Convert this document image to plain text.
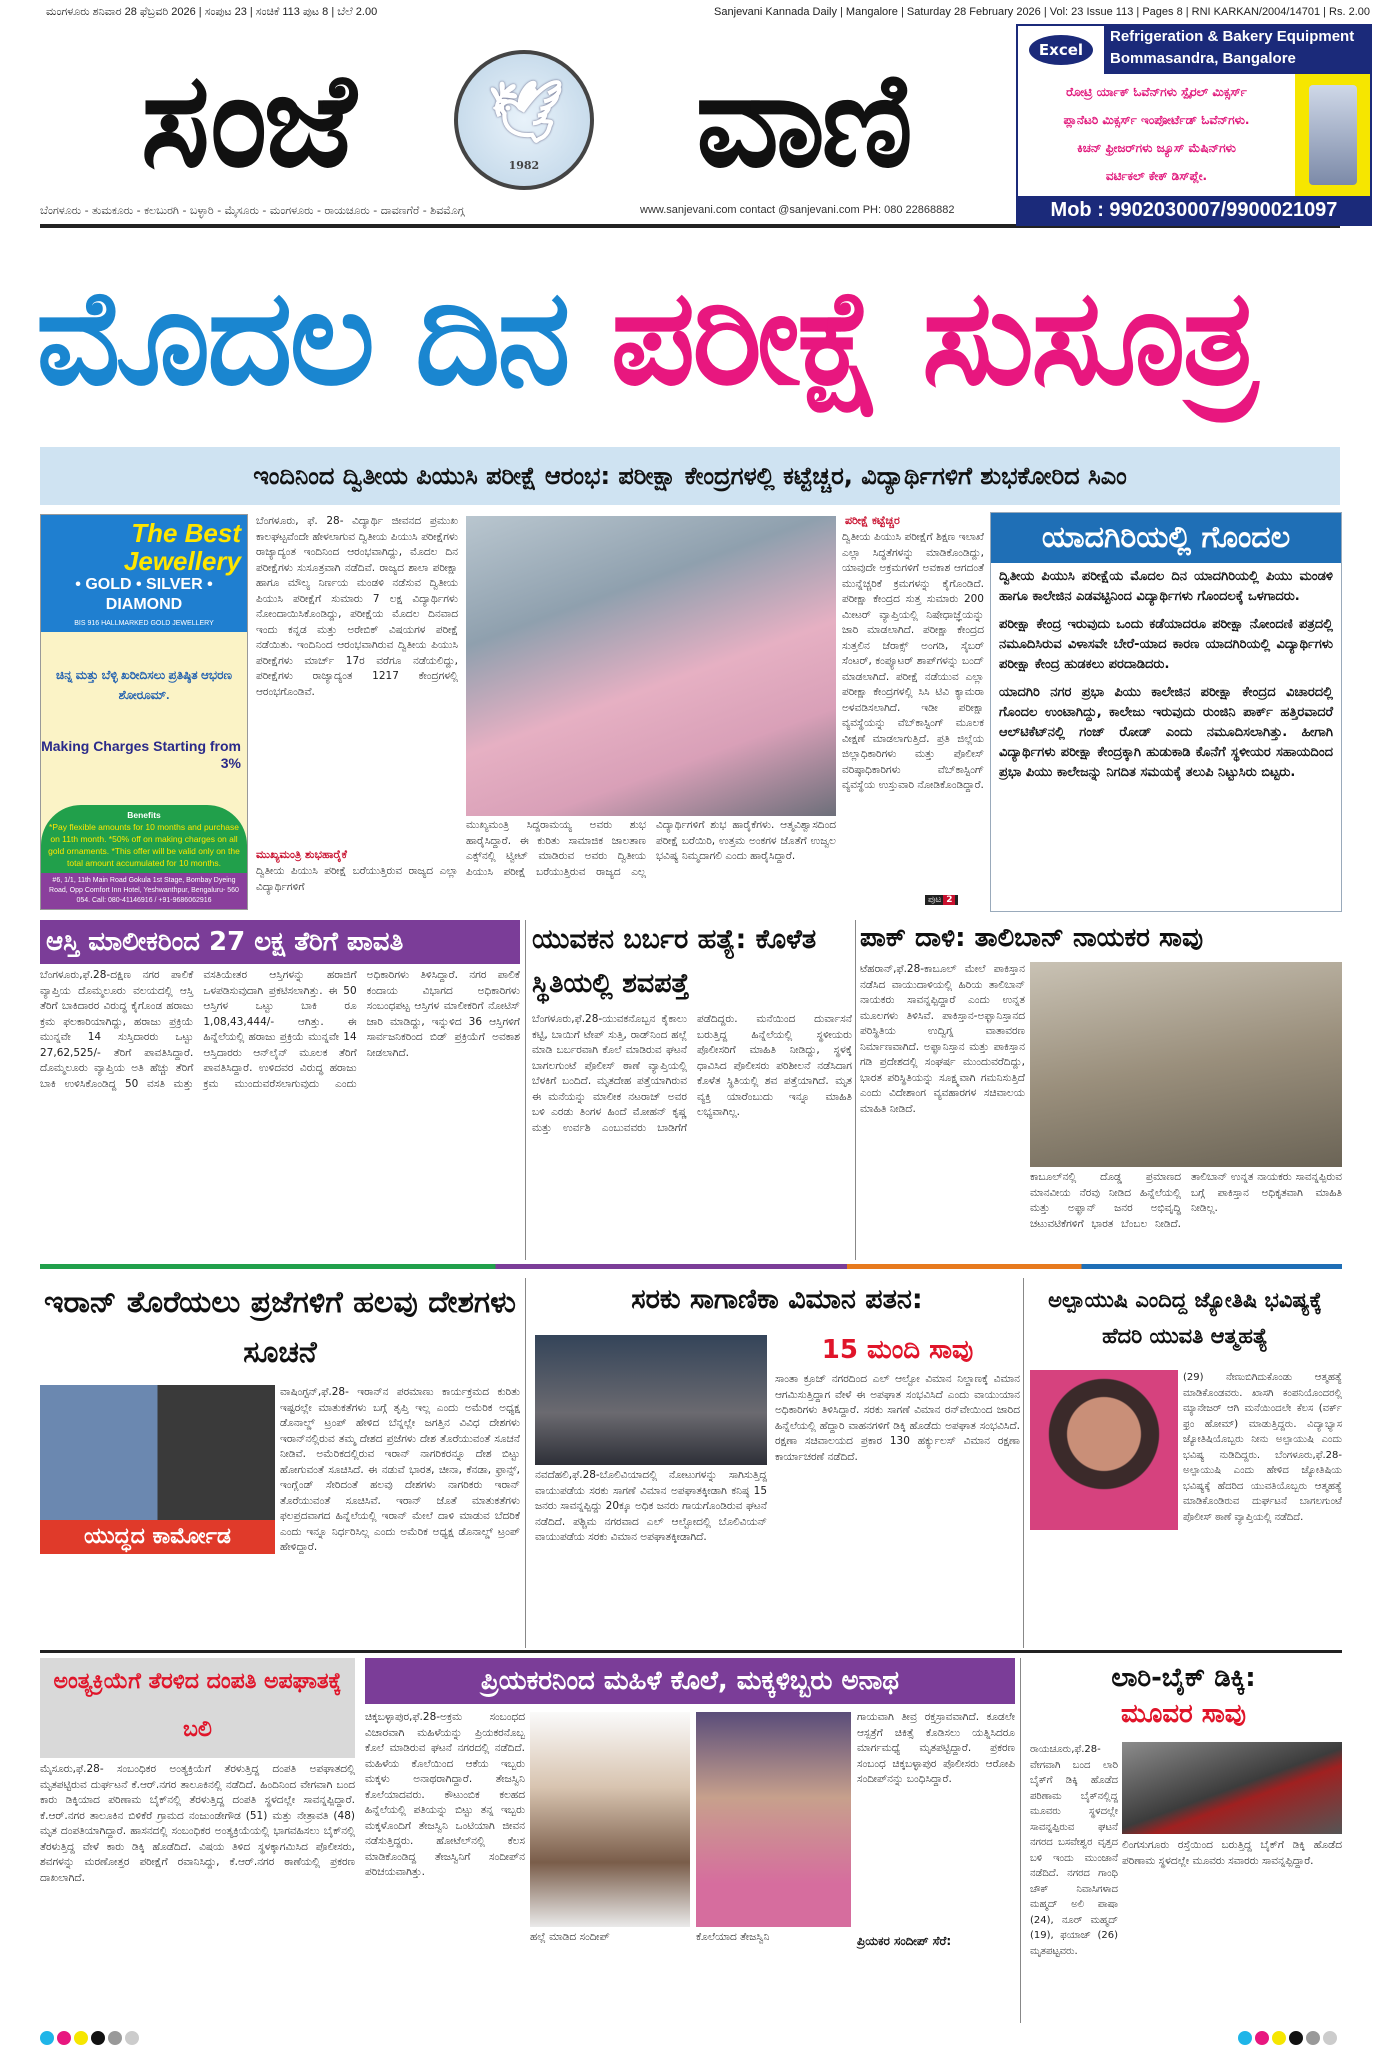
ಮಂಗಳೂರು ಶನಿವಾರ 28 ಫೆಬ್ರವರಿ 2026 | ಸಂಪುಟ 23 | ಸಂಚಿಕೆ 113 ಪುಟ 8 | ಬೆಲೆ 2.00	Sanjevani Kannada Daily | Mangalore | Saturday 28 February 2026 | Vol: 23 Issue 113 | Pages 8 | RNI KARKAN/2004/14701 | Rs. 2.00
ಸಂಜೆ 🕊
1982 ವಾಣಿ
ಬೆಂಗಳೂರು - ತುಮಕೂರು - ಕಲಬುರಗಿ - ಬಳ್ಳಾರಿ - ಮೈಸೂರು - ಮಂಗಳೂರು - ರಾಯಚೂರು - ದಾವಣಗೆರೆ - ಶಿವಮೊಗ್ಗ	www.sanjevani.com contact @sanjevani.com PH: 080 22868882
Excel
Refrigeration & Bakery Equipment
Bommasandra, Bangalore
ರೋಟ್ರಿ ರ್ಯಾಕ್ ಓವೆನ್‌ಗಳು ಸ್ಪೈರಲ್ ಮಿಕ್ಸರ್ಸ್
ಪ್ಲಾನೆಟರಿ ಮಿಕ್ಸರ್ಸ್ ಇಂಪೋರ್ಟೆಡ್ ಓವೆನ್‌ಗಳು.
ಕಿಚನ್ ಫ್ರೀಜರ್‌ಗಳು ಜ್ಯೂಸ್ ಮೆಷಿನ್‌ಗಳು
ವರ್ಟಿಕಲ್ ಕೇಕ್ ಡಿಸ್‌ಪ್ಲೇ.
Mob : 9902030007/9900021097
ಮೊದಲ ದಿನ ಪರೀಕ್ಷೆ ಸುಸೂತ್ರ
ಇಂದಿನಿಂದ ದ್ವಿತೀಯ ಪಿಯುಸಿ ಪರೀಕ್ಷೆ ಆರಂಭ: ಪರೀಕ್ಷಾ ಕೇಂದ್ರಗಳಲ್ಲಿ ಕಟ್ಟೆಚ್ಚರ, ವಿದ್ಯಾರ್ಥಿಗಳಿಗೆ ಶುಭಕೋರಿದ ಸಿಎಂ
The Best
Jewellery
• GOLD • SILVER • DIAMOND
BIS 916 HALLMARKED GOLD JEWELLERY
ಚಿನ್ನ ಮತ್ತು ಬೆಳ್ಳಿ ಖರೀದಿಸಲು ಪ್ರತಿಷ್ಠಿತ ಆಭರಣ ಶೋರೂಮ್.
Making Charges Starting from 3%
Benefits
*Pay flexible amounts for 10 months and purchase on 11th month. *50% off on making charges on all gold ornaments. *This offer will be valid only on the total amount accumulated for 10 months.
#6, 1/1, 11th Main Road Gokula 1st Stage, Bombay Dyeing Road, Opp Comfort Inn Hotel, Yeshwanthpur, Bengaluru- 560 054. Call: 080-41146916 / +91-9686062916
ಬೆಂಗಳೂರು, ಫೆ. 28- ವಿದ್ಯಾರ್ಥಿ ಜೀವನದ ಪ್ರಮುಖ ಕಾಲಘಟ್ಟವೆಂದೇ ಹೇಳಲಾಗುವ ದ್ವಿತೀಯ ಪಿಯುಸಿ ಪರೀಕ್ಷೆಗಳು ರಾಜ್ಯಾದ್ಯಂತ ಇಂದಿನಿಂದ ಆರಂಭವಾಗಿದ್ದು, ಮೊದಲ ದಿನ ಪರೀಕ್ಷೆಗಳು ಸುಸೂತ್ರವಾಗಿ ನಡೆದಿವೆ. ರಾಜ್ಯದ ಶಾಲಾ ಪರೀಕ್ಷಾ ಹಾಗೂ ಮೌಲ್ಯ ನಿರ್ಣಯ ಮಂಡಳಿ ನಡೆಸುವ ದ್ವಿತೀಯ ಪಿಯುಸಿ ಪರೀಕ್ಷೆಗೆ ಸುಮಾರು 7 ಲಕ್ಷ ವಿದ್ಯಾರ್ಥಿಗಳು ನೋಂದಾಯಿಸಿಕೊಂಡಿದ್ದು, ಪರೀಕ್ಷೆಯ ಮೊದಲ ದಿನವಾದ ಇಂದು ಕನ್ನಡ ಮತ್ತು ಅರೇಬಿಕ್ ವಿಷಯಗಳ ಪರೀಕ್ಷೆ ನಡೆಯಿತು. ಇಂದಿನಿಂದ ಆರಂಭವಾಗಿರುವ ದ್ವಿತೀಯ ಪಿಯುಸಿ ಪರೀಕ್ಷೆಗಳು ಮಾರ್ಚ್ 17ರ ವರೆಗೂ ನಡೆಯಲಿದ್ದು, ಪರೀಕ್ಷೆಗಳು ರಾಜ್ಯಾದ್ಯಂತ 1217 ಕೇಂದ್ರಗಳಲ್ಲಿ ಆರಂಭಗೊಂಡಿವೆ.
ಮುಖ್ಯಮಂತ್ರಿ ಶುಭಹಾರೈಕೆ
ದ್ವಿತೀಯ ಪಿಯುಸಿ ಪರೀಕ್ಷೆ ಬರೆಯುತ್ತಿರುವ ರಾಜ್ಯದ ಎಲ್ಲಾ ವಿದ್ಯಾರ್ಥಿಗಳಿಗೆ
ಮುಖ್ಯಮಂತ್ರಿ ಸಿದ್ದರಾಮಯ್ಯ ಅವರು ಶುಭ ಹಾರೈಸಿದ್ದಾರೆ. ಈ ಕುರಿತು ಸಾಮಾಜಿಕ ಜಾಲತಾಣ ಎಕ್ಸ್‌ನಲ್ಲಿ ಟ್ವೀಟ್ ಮಾಡಿರುವ ಅವರು ದ್ವಿತೀಯ ಪಿಯುಸಿ ಪರೀಕ್ಷೆ ಬರೆಯುತ್ತಿರುವ ರಾಜ್ಯದ ಎಲ್ಲ ವಿದ್ಯಾರ್ಥಿಗಳಿಗೆ ಶುಭ ಹಾರೈಕೆಗಳು. ಆತ್ಮವಿಶ್ವಾಸದಿಂದ ಪರೀಕ್ಷೆ ಬರೆಯಿರಿ, ಉತ್ತಮ ಅಂಕಗಳ ಜೊತೆಗೆ ಉಜ್ವಲ ಭವಿಷ್ಯ ನಿಮ್ಮದಾಗಲಿ ಎಂದು ಹಾರೈಸಿದ್ದಾರೆ.
ಪರೀಕ್ಷೆ ಕಟ್ಟೆಚ್ಚರ
ದ್ವಿತೀಯ ಪಿಯುಸಿ ಪರೀಕ್ಷೆಗೆ ಶಿಕ್ಷಣ ಇಲಾಖೆ ಎಲ್ಲಾ ಸಿದ್ಧತೆಗಳನ್ನು ಮಾಡಿಕೊಂಡಿದ್ದು, ಯಾವುದೇ ಅಕ್ರಮಗಳಿಗೆ ಅವಕಾಶ ಆಗದಂತೆ ಮುನ್ನೆಚ್ಚರಿಕೆ ಕ್ರಮಗಳನ್ನು ಕೈಗೊಂಡಿದೆ. ಪರೀಕ್ಷಾ ಕೇಂದ್ರದ ಸುತ್ತ ಸುಮಾರು 200 ಮೀಟರ್ ವ್ಯಾಪ್ತಿಯಲ್ಲಿ ನಿಷೇಧಾಜ್ಞೆಯನ್ನು ಜಾರಿ ಮಾಡಲಾಗಿದೆ. ಪರೀಕ್ಷಾ ಕೇಂದ್ರದ ಸುತ್ತಲಿನ ಜೆರಾಕ್ಸ್ ಅಂಗಡಿ, ಸೈಬರ್ ಸೆಂಟರ್, ಕಂಪ್ಯೂಟರ್ ಶಾಪ್‌ಗಳನ್ನು ಬಂದ್ ಮಾಡಲಾಗಿದೆ. ಪರೀಕ್ಷೆ ನಡೆಯುವ ಎಲ್ಲಾ ಪರೀಕ್ಷಾ ಕೇಂದ್ರಗಳಲ್ಲಿ ಸಿಸಿ ಟಿವಿ ಕ್ಯಾಮರಾ ಅಳವಡಿಸಲಾಗಿದೆ. ಇಡೀ ಪರೀಕ್ಷಾ ವ್ಯವಸ್ಥೆಯನ್ನು ವೆಬ್‌ಕಾಸ್ಟಿಂಗ್ ಮೂಲಕ ವೀಕ್ಷಣೆ ಮಾಡಲಾಗುತ್ತಿದೆ. ಪ್ರತಿ ಜಿಲ್ಲೆಯ ಜಿಲ್ಲಾಧಿಕಾರಿಗಳು ಮತ್ತು ಪೊಲೀಸ್ ವರಿಷ್ಠಾಧಿಕಾರಿಗಳು ವೆಬ್‌ಕಾಸ್ಟಿಂಗ್ ವ್ಯವಸ್ಥೆಯ ಉಸ್ತುವಾರಿ ನೋಡಿಕೊಂಡಿದ್ದಾರೆ.
ಪುಟ 2
ಯಾದಗಿರಿಯಲ್ಲಿ ಗೊಂದಲ

ದ್ವಿತೀಯ ಪಿಯುಸಿ ಪರೀಕ್ಷೆಯ ಮೊದಲ ದಿನ ಯಾದಗಿರಿಯಲ್ಲಿ ಪಿಯು ಮಂಡಳಿ ಹಾಗೂ ಕಾಲೇಜಿನ ಎಡವಟ್ಟಿನಿಂದ ವಿದ್ಯಾರ್ಥಿಗಳು ಗೊಂದಲಕ್ಕೆ ಒಳಗಾದರು.

ಪರೀಕ್ಷಾ ಕೇಂದ್ರ ಇರುವುದು ಒಂದು ಕಡೆಯಾದರೂ ಪರೀಕ್ಷಾ ನೋಂದಣಿ ಪತ್ರದಲ್ಲಿ ನಮೂದಿಸಿರುವ ವಿಳಾಸವೇ ಬೇರೆ-ಯಾದ ಕಾರಣ ಯಾದಗಿರಿಯಲ್ಲಿ ವಿದ್ಯಾರ್ಥಿಗಳು ಪರೀಕ್ಷಾ ಕೇಂದ್ರ ಹುಡಕಲು ಪರದಾಡಿದರು.

ಯಾದಗಿರಿ ನಗರ ಪ್ರಭಾ ಪಿಯು ಕಾಲೇಜಿನ ಪರೀಕ್ಷಾ ಕೇಂದ್ರದ ವಿಚಾರದಲ್ಲಿ ಗೊಂದಲ ಉಂಟಾಗಿದ್ದು, ಕಾಲೇಜು ಇರುವುದು ರುಂಜಿನಿ ಪಾರ್ಕ್ ಹತ್ತಿರವಾದರೆ ಆಲ್‌ಟಿಕೆಟ್‌ನಲ್ಲಿ ಗಂಜ್ ರೋಡ್ ಎಂದು ನಮೂದಿಸಲಾಗಿತ್ತು. ಹೀಗಾಗಿ ವಿದ್ಯಾರ್ಥಿಗಳು ಪರೀಕ್ಷಾ ಕೇಂದ್ರಕ್ಕಾಗಿ ಹುಡುಕಾಡಿ ಕೊನೆಗೆ ಸ್ಥಳೀಯರ ಸಹಾಯದಿಂದ ಪ್ರಭಾ ಪಿಯು ಕಾಲೇಜನ್ನು ನಿಗದಿತ ಸಮಯಕ್ಕೆ ತಲುಪಿ ನಿಟ್ಟುಸಿರು ಬಿಟ್ಟರು.

ಆಸ್ತಿ ಮಾಲೀಕರಿಂದ 27 ಲಕ್ಷ ತೆರಿಗೆ ಪಾವತಿ
ಬೆಂಗಳೂರು,ಫೆ.28-ದಕ್ಷಿಣ ನಗರ ಪಾಲಿಕೆ ವ್ಯಾಪ್ತಿಯ ದೊಮ್ಮಲೂರು ವಲಯದಲ್ಲಿ ಆಸ್ತಿ ತೆರಿಗೆ ಬಾಕಿದಾರರ ವಿರುದ್ಧ ಕೈಗೊಂಡ ಹರಾಜು ಕ್ರಮ ಫಲಕಾರಿಯಾಗಿದ್ದು, ಹರಾಜು ಪ್ರಕ್ರಿಯೆ ಮುನ್ನವೇ 14 ಸುಸ್ತಿದಾರರು ಒಟ್ಟು 27,62,525/- ತೆರಿಗೆ ಪಾವತಿಸಿದ್ದಾರೆ. ದೊಮ್ಮಲೂರು ವ್ಯಾಪ್ತಿಯ ಅತಿ ಹೆಚ್ಚು ತೆರಿಗೆ ಬಾಕಿ ಉಳಿಸಿಕೊಂಡಿದ್ದ 50 ವಸತಿ ಮತ್ತು ವಸತಿಯೇತರ ಆಸ್ತಿಗಳನ್ನು ಹರಾಜಿಗೆ ಒಳಪಡಿಸುವುದಾಗಿ ಪ್ರಕಟಿಸಲಾಗಿತ್ತು. ಈ 50 ಆಸ್ತಿಗಳ ಒಟ್ಟು ಬಾಕಿ ರೂ 1,08,43,444/- ಆಗಿತ್ತು. ಈ ಹಿನ್ನೆಲೆಯಲ್ಲಿ ಹರಾಜು ಪ್ರಕ್ರಿಯೆ ಮುನ್ನವೇ 14 ಆಸ್ತಿದಾರರು ಆನ್‌ಲೈನ್ ಮೂಲಕ ತೆರಿಗೆ ಪಾವತಿಸಿದ್ದಾರೆ. ಉಳಿದವರ ವಿರುದ್ಧ ಹರಾಜು ಕ್ರಮ ಮುಂದುವರೆಸಲಾಗುವುದು ಎಂದು ಅಧಿಕಾರಿಗಳು ತಿಳಿಸಿದ್ದಾರೆ. ನಗರ ಪಾಲಿಕೆ ಕಂದಾಯ ವಿಭಾಗದ ಅಧಿಕಾರಿಗಳು ಸಂಬಂಧಪಟ್ಟ ಆಸ್ತಿಗಳ ಮಾಲೀಕರಿಗೆ ನೋಟಿಸ್ ಜಾರಿ ಮಾಡಿದ್ದು, ಇನ್ನುಳಿದ 36 ಆಸ್ತಿಗಳಿಗೆ ಸಾರ್ವಜನಿಕರಿಂದ ಬಿಡ್ ಪ್ರಕ್ರಿಯೆಗೆ ಅವಕಾಶ ನೀಡಲಾಗಿದೆ.
ಯುವಕನ ಬರ್ಬರ ಹತ್ಯೆ: ಕೊಳೆತ ಸ್ಥಿತಿಯಲ್ಲಿ ಶವಪತ್ತೆ
ಬೆಂಗಳೂರು,ಫೆ.28-ಯುವಕನೊಬ್ಬನ ಕೈಕಾಲು ಕಟ್ಟಿ, ಬಾಯಿಗೆ ಟೇಪ್ ಸುತ್ತಿ, ರಾಡ್‌ನಿಂದ ಹಲ್ಲೆ ಮಾಡಿ ಬರ್ಬರವಾಗಿ ಕೊಲೆ ಮಾಡಿರುವ ಘಟನೆ ಬಾಗಲಗುಂಟೆ ಪೊಲೀಸ್ ಠಾಣೆ ವ್ಯಾಪ್ತಿಯಲ್ಲಿ ಬೆಳಕಿಗೆ ಬಂದಿದೆ. ಮೃತದೇಹ ಪತ್ತೆಯಾಗಿರುವ ಈ ಮನೆಯನ್ನು ಮಾಲೀಕ ನಟರಾಜ್ ಅವರ ಬಳಿ ಎರಡು ತಿಂಗಳ ಹಿಂದೆ ಮೋಹನ್ ಕೃಷ್ಣ ಮತ್ತು ಉರ್ವಶಿ ಎಂಬುವವರು ಬಾಡಿಗೆಗೆ ಪಡೆದಿದ್ದರು. ಮನೆಯಿಂದ ದುರ್ವಾಸನೆ ಬರುತ್ತಿದ್ದ ಹಿನ್ನೆಲೆಯಲ್ಲಿ ಸ್ಥಳೀಯರು ಪೊಲೀಸರಿಗೆ ಮಾಹಿತಿ ನೀಡಿದ್ದು, ಸ್ಥಳಕ್ಕೆ ಧಾವಿಸಿದ ಪೊಲೀಸರು ಪರಿಶೀಲನೆ ನಡೆಸಿದಾಗ ಕೊಳೆತ ಸ್ಥಿತಿಯಲ್ಲಿ ಶವ ಪತ್ತೆಯಾಗಿದೆ. ಮೃತ ವ್ಯಕ್ತಿ ಯಾರೆಂಬುದು ಇನ್ನೂ ಮಾಹಿತಿ ಲಭ್ಯವಾಗಿಲ್ಲ.
ಪಾಕ್ ದಾಳಿ: ತಾಲಿಬಾನ್ ನಾಯಕರ ಸಾವು
ಟೆಹರಾನ್,ಫೆ.28-ಕಾಬೂಲ್ ಮೇಲೆ ಪಾಕಿಸ್ತಾನ ನಡೆಸಿದ ವಾಯುದಾಳಿಯಲ್ಲಿ ಹಿರಿಯ ತಾಲಿಬಾನ್ ನಾಯಕರು ಸಾವನ್ನಪ್ಪಿದ್ದಾರೆ ಎಂದು ಉನ್ನತ ಮೂಲಗಳು ತಿಳಿಸಿವೆ. ಪಾಕಿಸ್ತಾನ-ಅಫ್ಘಾನಿಸ್ತಾನದ ಪರಿಸ್ಥಿತಿಯ ಉದ್ವಿಗ್ನ ವಾತಾವರಣ ನಿರ್ಮಾಣವಾಗಿದೆ. ಅಫ್ಘಾನಿಸ್ತಾನ ಮತ್ತು ಪಾಕಿಸ್ತಾನ ಗಡಿ ಪ್ರದೇಶದಲ್ಲಿ ಸಂಘರ್ಷ ಮುಂದುವರೆದಿದ್ದು, ಭಾರತ ಪರಿಸ್ಥಿತಿಯನ್ನು ಸೂಕ್ಷ್ಮವಾಗಿ ಗಮನಿಸುತ್ತಿದೆ ಎಂದು ವಿದೇಶಾಂಗ ವ್ಯವಹಾರಗಳ ಸಚಿವಾಲಯ ಮಾಹಿತಿ ನೀಡಿದೆ.
ಕಾಬೂಲ್‌ನಲ್ಲಿ ದೊಡ್ಡ ಪ್ರಮಾಣದ ಮಾನವೀಯ ನೆರವು ನೀಡಿದ ಹಿನ್ನೆಲೆಯಲ್ಲಿ ಮತ್ತು ಅಫ್ಘಾನ್ ಜನರ ಅಭಿವೃದ್ಧಿ ಚಟುವಟಿಕೆಗಳಿಗೆ ಭಾರತ ಬೆಂಬಲ ನೀಡಿದೆ. ತಾಲಿಬಾನ್ ಉನ್ನತ ನಾಯಕರು ಸಾವನ್ನಪ್ಪಿರುವ ಬಗ್ಗೆ ಪಾಕಿಸ್ತಾನ ಅಧಿಕೃತವಾಗಿ ಮಾಹಿತಿ ನೀಡಿಲ್ಲ.
ಇರಾನ್ ತೊರೆಯಲು ಪ್ರಜೆಗಳಿಗೆ ಹಲವು ದೇಶಗಳು ಸೂಚನೆ
ಯುದ್ಧದ ಕಾರ್ಮೋಡ
ವಾಷಿಂಗ್ಟನ್,ಫೆ.28- ಇರಾನ್‌ನ ಪರಮಾಣು ಕಾರ್ಯಕ್ರಮದ ಕುರಿತು ಇಷ್ಟರಲ್ಲೇ ಮಾತುಕತೆಗಳು ಬಗ್ಗೆ ತೃಪ್ತಿ ಇಲ್ಲ ಎಂದು ಅಮೆರಿಕ ಅಧ್ಯಕ್ಷ ಡೊನಾಲ್ಡ್ ಟ್ರಂಪ್ ಹೇಳಿದ ಬೆನ್ನಲ್ಲೇ ಜಗತ್ತಿನ ವಿವಿಧ ದೇಶಗಳು ಇರಾನ್‌ನಲ್ಲಿರುವ ತಮ್ಮ ದೇಶದ ಪ್ರಜೆಗಳು ದೇಶ ತೊರೆಯುವಂತೆ ಸೂಚನೆ ನೀಡಿವೆ. ಅಮೆರಿಕದಲ್ಲಿರುವ ಇರಾನ್ ನಾಗರಿಕರನ್ನೂ ದೇಶ ಬಿಟ್ಟು ಹೋಗುವಂತೆ ಸೂಚಿಸಿದೆ. ಈ ನಡುವೆ ಭಾರತ, ಚೀನಾ, ಕೆನಡಾ, ಫ್ರಾನ್ಸ್, ಇಂಗ್ಲೆಂಡ್ ಸೇರಿದಂತೆ ಹಲವು ದೇಶಗಳು ನಾಗರಿಕರು ಇರಾನ್ ತೊರೆಯುವಂತೆ ಸೂಚಿಸಿವೆ. ಇರಾನ್ ಜೊತೆ ಮಾತುಕತೆಗಳು ಫಲಪ್ರದವಾಗದ ಹಿನ್ನೆಲೆಯಲ್ಲಿ ಇರಾನ್ ಮೇಲೆ ದಾಳಿ ಮಾಡುವ ಬೆದರಿಕೆ ಎಂದು ಇನ್ನೂ ನಿರ್ಧರಿಸಿಲ್ಲ ಎಂದು ಅಮೆರಿಕ ಅಧ್ಯಕ್ಷ ಡೊನಾಲ್ಡ್ ಟ್ರಂಪ್ ಹೇಳಿದ್ದಾರೆ.
ಸರಕು ಸಾಗಾಣಿಕಾ ವಿಮಾನ ಪತನ:
15 ಮಂದಿ ಸಾವು
ಸಾಂತಾ ಕ್ರೂಜ್ ನಗರದಿಂದ ಎಲ್ ಆಲ್ಟೋ ವಿಮಾನ ನಿಲ್ದಾಣಕ್ಕೆ ವಿಮಾನ ಆಗಮಿಸುತ್ತಿದ್ದಾಗ ವೇಳೆ ಈ ಅಪಘಾತ ಸಂಭವಿಸಿದೆ ಎಂದು ವಾಯುಯಾನ ಅಧಿಕಾರಿಗಳು ತಿಳಿಸಿದ್ದಾರೆ. ಸರಕು ಸಾಗಣೆ ವಿಮಾನ ರನ್‌ವೇಯಿಂದ ಜಾರಿದ ಹಿನ್ನೆಲೆಯಲ್ಲಿ ಹೆದ್ದಾರಿ ವಾಹನಗಳಿಗೆ ಡಿಕ್ಕಿ ಹೊಡೆದು ಅಪಘಾತ ಸಂಭವಿಸಿದೆ. ರಕ್ಷಣಾ ಸಚಿವಾಲಯದ ಪ್ರಕಾರ 130 ಹರ್ಕ್ಯುಲಸ್ ವಿಮಾನ ರಕ್ಷಣಾ ಕಾರ್ಯಾಚರಣೆ ನಡೆದಿದೆ.
ನವದೆಹಲಿ,ಫೆ.28-ಬೊಲಿವಿಯಾದಲ್ಲಿ ನೋಟುಗಳನ್ನು ಸಾಗಿಸುತ್ತಿದ್ದ ವಾಯುಪಡೆಯ ಸರಕು ಸಾಗಣೆ ವಿಮಾನ ಅಪಘಾತಕ್ಕೀಡಾಗಿ ಕನಿಷ್ಠ 15 ಜನರು ಸಾವನ್ನಪ್ಪಿದ್ದು 20ಕ್ಕೂ ಅಧಿಕ ಜನರು ಗಾಯಗೊಂಡಿರುವ ಘಟನೆ ನಡೆದಿದೆ. ಪಶ್ಚಿಮ ನಗರವಾದ ಎಲ್ ಆಲ್ಟೋದಲ್ಲಿ ಬೊಲಿವಿಯನ್ ವಾಯುಪಡೆಯ ಸರಕು ವಿಮಾನ ಅಪಘಾತಕ್ಕೀಡಾಗಿದೆ.
ಅಲ್ಪಾಯುಷಿ ಎಂದಿದ್ದ ಜ್ಯೋತಿಷಿ ಭವಿಷ್ಯಕ್ಕೆ ಹೆದರಿ ಯುವತಿ ಆತ್ಮಹತ್ಯೆ
(29) ನೇಣುಬಿಗಿದುಕೊಂಡು ಆತ್ಮಹತ್ಯೆ ಮಾಡಿಕೊಂಡವರು. ಖಾಸಗಿ ಕಂಪನಿಯೊಂದರಲ್ಲಿ ಮ್ಯಾನೇಜರ್ ಆಗಿ ಮನೆಯಿಂದಲೇ ಕೆಲಸ (ವರ್ಕ್ ಫ್ರಂ ಹೋಮ್) ಮಾಡುತ್ತಿದ್ದರು. ವಿದ್ಯಾಭ್ಯಾಸ ಜ್ಯೋತಿಷಿಯೊಬ್ಬರು ನೀನು ಅಲ್ಪಾಯುಷಿ ಎಂದು ಭವಿಷ್ಯ ನುಡಿದಿದ್ದರು. ಬೆಂಗಳೂರು,ಫೆ.28-ಅಲ್ಪಾಯುಷಿ ಎಂದು ಹೇಳಿದ ಜ್ಯೋತಿಷಿಯ ಭವಿಷ್ಯಕ್ಕೆ ಹೆದರಿದ ಯುವತಿಯೊಬ್ಬರು ಆತ್ಮಹತ್ಯೆ ಮಾಡಿಕೊಂಡಿರುವ ದುರ್ಘಟನೆ ಬಾಗಲಗುಂಟೆ ಪೊಲೀಸ್ ಠಾಣೆ ವ್ಯಾಪ್ತಿಯಲ್ಲಿ ನಡೆದಿದೆ.
ಅಂತ್ಯಕ್ರಿಯೆಗೆ ತೆರಳಿದ ದಂಪತಿ ಅಪಘಾತಕ್ಕೆ ಬಲಿ
ಮೈಸೂರು,ಫೆ.28- ಸಂಬಂಧಿಕರ ಅಂತ್ಯಕ್ರಿಯೆಗೆ ತೆರಳುತ್ತಿದ್ದ ದಂಪತಿ ಅಪಘಾತದಲ್ಲಿ ಮೃತಪಟ್ಟಿರುವ ದುರ್ಘಟನೆ ಕೆ.ಆರ್.ನಗರ ತಾಲೂಕಿನಲ್ಲಿ ನಡೆದಿದೆ. ಹಿಂದಿನಿಂದ ವೇಗವಾಗಿ ಬಂದ ಕಾರು ಡಿಕ್ಕಿಯಾದ ಪರಿಣಾಮ ಬೈಕ್‌ನಲ್ಲಿ ತೆರಳುತ್ತಿದ್ದ ದಂಪತಿ ಸ್ಥಳದಲ್ಲೇ ಸಾವನ್ನಪ್ಪಿದ್ದಾರೆ. ಕೆ.ಆರ್.ನಗರ ತಾಲೂಕಿನ ಬಿಳಿಕೆರೆ ಗ್ರಾಮದ ನಂಜುಂಡೇಗೌಡ (51) ಮತ್ತು ನೇತ್ರಾವತಿ (48) ಮೃತ ದಂಪತಿಯಾಗಿದ್ದಾರೆ. ಹಾಸನದಲ್ಲಿ ಸಂಬಂಧಿಕರ ಅಂತ್ಯಕ್ರಿಯೆಯಲ್ಲಿ ಭಾಗವಹಿಸಲು ಬೈಕ್‌ನಲ್ಲಿ ತೆರಳುತ್ತಿದ್ದ ವೇಳೆ ಕಾರು ಡಿಕ್ಕಿ ಹೊಡೆದಿದೆ. ವಿಷಯ ತಿಳಿದ ಸ್ಥಳಕ್ಕಾಗಮಿಸಿದ ಪೊಲೀಸರು, ಶವಗಳನ್ನು ಮರಣೋತ್ತರ ಪರೀಕ್ಷೆಗೆ ರವಾನಿಸಿದ್ದು, ಕೆ.ಆರ್.ನಗರ ಠಾಣೆಯಲ್ಲಿ ಪ್ರಕರಣ ದಾಖಲಾಗಿದೆ.
ಪ್ರಿಯಕರನಿಂದ ಮಹಿಳೆ ಕೊಲೆ, ಮಕ್ಕಳಿಬ್ಬರು ಅನಾಥ
ಚಿಕ್ಕಬಳ್ಳಾಪುರ,ಫೆ.28-ಅಕ್ರಮ ಸಂಬಂಧದ ವಿಚಾರವಾಗಿ ಮಹಿಳೆಯನ್ನು ಪ್ರಿಯಕರನೊಬ್ಬ ಕೊಲೆ ಮಾಡಿರುವ ಘಟನೆ ನಗರದಲ್ಲಿ ನಡೆದಿದೆ. ಮಹಿಳೆಯ ಕೊಲೆಯಿಂದ ಆಕೆಯ ಇಬ್ಬರು ಮಕ್ಕಳು ಅನಾಥರಾಗಿದ್ದಾರೆ. ತೇಜಸ್ವಿನಿ ಕೊಲೆಯಾದವರು. ಕೌಟುಂಬಿಕ ಕಲಹದ ಹಿನ್ನೆಲೆಯಲ್ಲಿ ಪತಿಯನ್ನು ಬಿಟ್ಟು ತನ್ನ ಇಬ್ಬರು ಮಕ್ಕಳೊಂದಿಗೆ ತೇಜಸ್ವಿನಿ ಒಂಟಿಯಾಗಿ ಜೀವನ ನಡೆಸುತ್ತಿದ್ದರು. ಹೋಟೆಲ್‌ನಲ್ಲಿ ಕೆಲಸ ಮಾಡಿಕೊಂಡಿದ್ದ ತೇಜಸ್ವಿನಿಗೆ ಸಂದೀಪ್‌ನ ಪರಿಚಯವಾಗಿತ್ತು.
ಹಲ್ಲೆ ಮಾಡಿದ ಸಂದೀಪ್	ಕೊಲೆಯಾದ ತೇಜಸ್ವಿನಿ
ಗಾಯವಾಗಿ ತೀವ್ರ ರಕ್ತಸ್ರಾವವಾಗಿದೆ. ಕೂಡಲೇ ಆಸ್ಪತ್ರೆಗೆ ಚಿಕಿತ್ಸೆ ಕೊಡಿಸಲು ಯತ್ನಿಸಿದರೂ ಮಾರ್ಗಮಧ್ಯೆ ಮೃತಪಟ್ಟಿದ್ದಾರೆ. ಪ್ರಕರಣ ಸಂಬಂಧ ಚಿಕ್ಕಬಳ್ಳಾಪುರ ಪೊಲೀಸರು ಆರೋಪಿ ಸಂದೀಪ್‌ನನ್ನು ಬಂಧಿಸಿದ್ದಾರೆ.
ಪ್ರಿಯಕರ ಸಂದೀಪ್ ಸೆರೆ:
ಲಾರಿ-ಬೈಕ್ ಡಿಕ್ಕಿ:
ಮೂವರ ಸಾವು
ರಾಯಚೂರು,ಫೆ.28- ವೇಗವಾಗಿ ಬಂದ ಲಾರಿ ಬೈಕ್‌ಗೆ ಡಿಕ್ಕಿ ಹೊಡೆದ ಪರಿಣಾಮ ಬೈಕ್‌ನಲ್ಲಿದ್ದ ಮೂವರು ಸ್ಥಳದಲ್ಲೇ ಸಾವನ್ನಪ್ಪಿರುವ ಘಟನೆ ನಗರದ ಬಸವೇಶ್ವರ ವೃತ್ತದ ಬಳಿ ಇಂದು ಮುಂಜಾನೆ ನಡೆದಿದೆ. ನಗರದ ಗಾಂಧಿ ಚೌಕ್ ನಿವಾಸಿಗಳಾದ ಮಹ್ಮದ್ ಅಲಿ ಪಾಷಾ (24), ನೂರ್ ಮಹ್ಮದ್ (19), ಫಯಾಜ್ (26) ಮೃತಪಟ್ಟವರು.
ಲಿಂಗಸುಗೂರು ರಸ್ತೆಯಿಂದ ಬರುತ್ತಿದ್ದ ಬೈಕ್‌ಗೆ ಡಿಕ್ಕಿ ಹೊಡೆದ ಪರಿಣಾಮ ಸ್ಥಳದಲ್ಲೇ ಮೂವರು ಸವಾರರು ಸಾವನ್ನಪ್ಪಿದ್ದಾರೆ.
